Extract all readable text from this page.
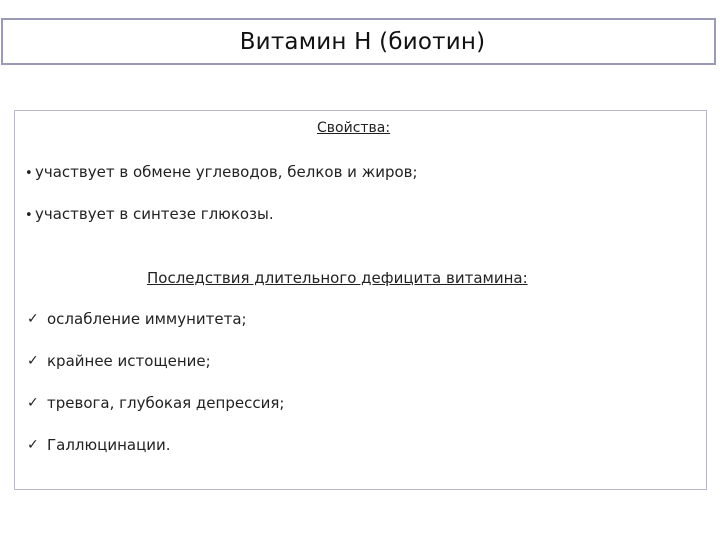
Витамин Н (биотин)
Свойства:
• участвует в обмене углеводов, белков и жиров;
• участвует в синтезе глюкозы.
Последствия длительного дефицита витамина:
✓ ослабление иммунитета;
✓ крайнее истощение;
✓ тревога, глубокая депрессия;
✓ Галлюцинации.
